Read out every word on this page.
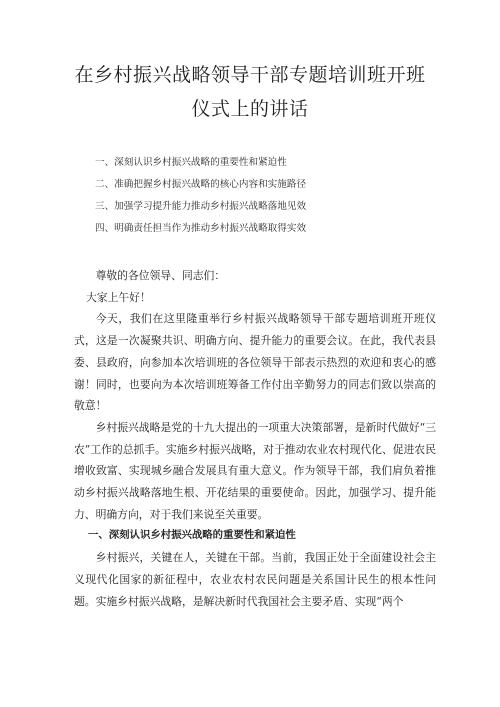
在乡村振兴战略领导干部专题培训班开班
仪式上的讲话
一、深刻认识乡村振兴战略的重要性和紧迫性
二、准确把握乡村振兴战略的核心内容和实施路径
三、加强学习提升能力推动乡村振兴战略落地见效
四、明确责任担当作为推动乡村振兴战略取得实效

尊敬的各位领导、同志们：

大家上午好！

今天，我们在这里隆重举行乡村振兴战略领导干部专题培训班开班仪式，这是一次凝聚共识、明确方向、提升能力的重要会议。在此，我代表县委、县政府，向参加本次培训班的各位领导干部表示热烈的欢迎和衷心的感谢！同时，也要向为本次培训班筹备工作付出辛勤努力的同志们致以崇高的敬意！

乡村振兴战略是党的十九大提出的一项重大决策部署，是新时代做好“三农”工作的总抓手。实施乡村振兴战略，对于推动农业农村现代化、促进农民增收致富、实现城乡融合发展具有重大意义。作为领导干部，我们肩负着推动乡村振兴战略落地生根、开花结果的重要使命。因此，加强学习、提升能力、明确方向，对于我们来说至关重要。

一、深刻认识乡村振兴战略的重要性和紧迫性

乡村振兴，关键在人，关键在干部。当前，我国正处于全面建设社会主义现代化国家的新征程中，农业农村农民问题是关系国计民生的根本性问题。实施乡村振兴战略，是解决新时代我国社会主要矛盾、实现“两个
